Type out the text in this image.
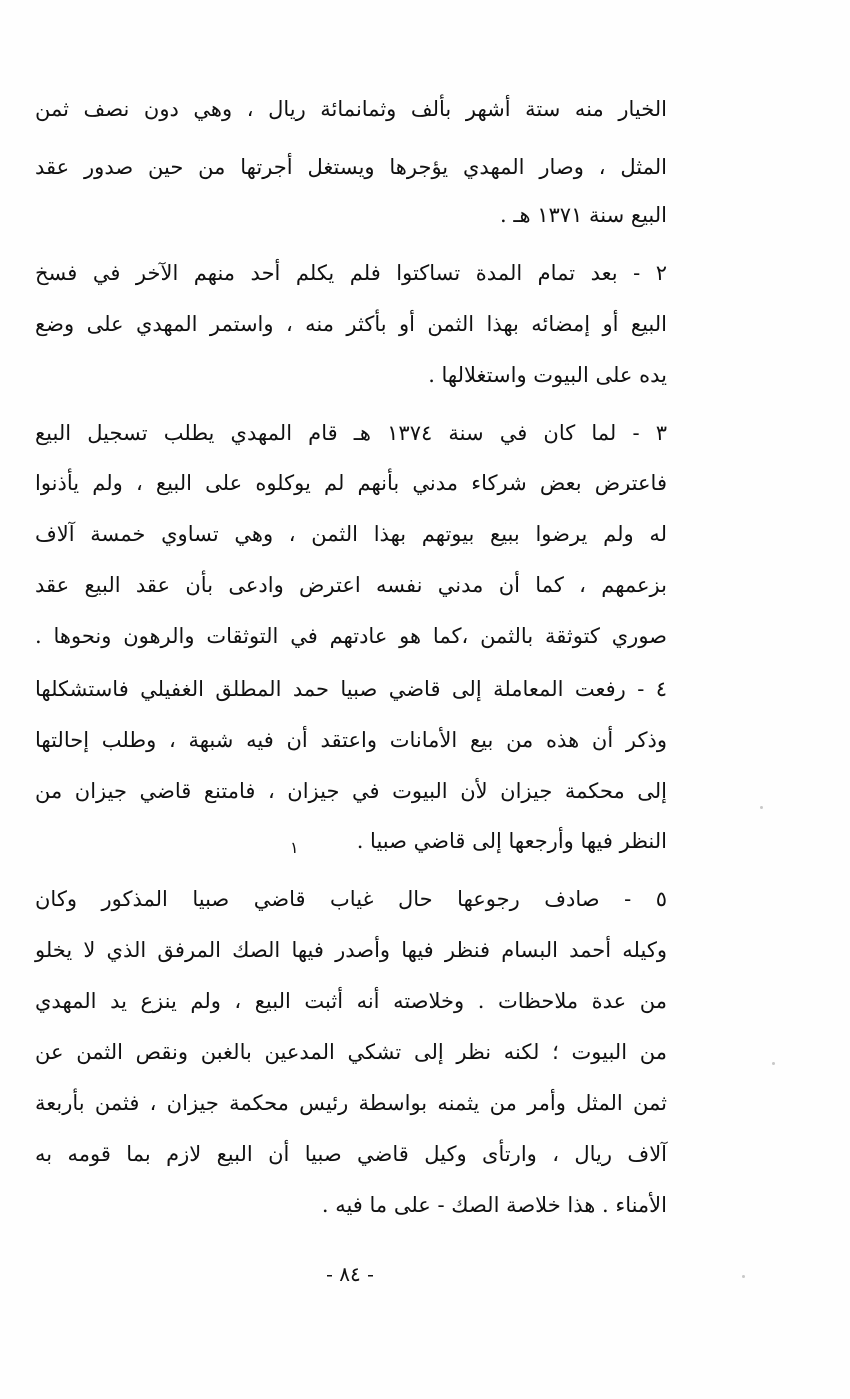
الخيار منه ستة أشهر بألف وثمانمائة ريال ، وهي دون نصف ثمن
المثل ، وصار المهدي يؤجرها ويستغل أجرتها من حين صدور عقد
البيع سنة ١٣٧١ هـ .
٢ - بعد تمام المدة تساكتوا فلم يكلم أحد منهم الآخر في فسخ
البيع أو إمضائه بهذا الثمن أو بأكثر منه ، واستمر المهدي على وضع
يده على البيوت واستغلالها .
٣ - لما كان في سنة ١٣٧٤ هـ قام المهدي يطلب تسجيل البيع
فاعترض بعض شركاء مدني بأنهم لم يوكلوه على البيع ، ولم يأذنوا
له ولم يرضوا ببيع بيوتهم بهذا الثمن ، وهي تساوي خمسة آلاف
بزعمهم ، كما أن مدني نفسه اعترض وادعى بأن عقد البيع عقد
صوري كتوثقة بالثمن ،كما هو عادتهم في التوثقات والرهون ونحوها .
٤ - رفعت المعاملة إلى قاضي صبيا حمد المطلق الغفيلي فاستشكلها
وذكر أن هذه من بيع الأمانات واعتقد أن فيه شبهة ، وطلب إحالتها
إلى محكمة جيزان لأن البيوت في جيزان ، فامتنع قاضي جيزان من
النظر فيها وأرجعها إلى قاضي صبيا .
٥ - صادف رجوعها حال غياب قاضي صبيا المذكور وكان
وكيله أحمد البسام فنظر فيها وأصدر فيها الصك المرفق الذي لا يخلو
من عدة ملاحظات . وخلاصته أنه أثبت البيع ، ولم ينزع يد المهدي
من البيوت ؛ لكنه نظر إلى تشكي المدعين بالغبن ونقص الثمن عن
ثمن المثل وأمر من يثمنه بواسطة رئيس محكمة جيزان ، فثمن بأربعة
آلاف ريال ، وارتأى وكيل قاضي صبيا أن البيع لازم بما قومه به
الأمناء . هذا خلاصة الصك - على ما فيه .
١
- ٨٤ -
